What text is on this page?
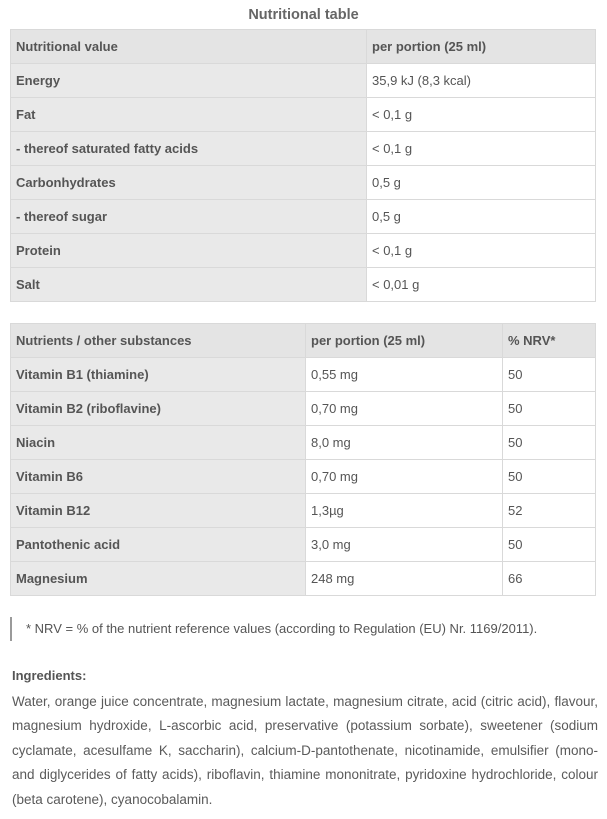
Nutritional table
Nutritional value	per portion (25 ml)
Energy	35,9 kJ (8,3 kcal)
Fat	< 0,1 g
- thereof saturated fatty acids	< 0,1 g
Carbonhydrates	0,5 g
- thereof sugar	0,5 g
Protein	< 0,1 g
Salt	< 0,01 g
Nutrients / other substances	per portion (25 ml)	% NRV*
Vitamin B1 (thiamine)	0,55 mg	50
Vitamin B2 (riboflavine)	0,70 mg	50
Niacin	8,0 mg	50
Vitamin B6	0,70 mg	50
Vitamin B12	1,3µg	52
Pantothenic acid	3,0 mg	50
Magnesium	248 mg	66
* NRV = % of the nutrient reference values (according to Regulation (EU) Nr. 1169/2011).
Ingredients:
Water, orange juice concentrate, magnesium lactate, magnesium citrate, acid (citric acid), flavour, magnesium hydroxide, L-ascorbic acid, preservative (potassium sorbate), sweetener (sodium cyclamate, acesulfame K, saccharin), calcium-D-pantothenate, nicotinamide, emulsifier (mono- and diglycerides of fatty acids), riboflavin, thiamine mononitrate, pyridoxine hydrochloride, colour (beta carotene), cyanocobalamin.
